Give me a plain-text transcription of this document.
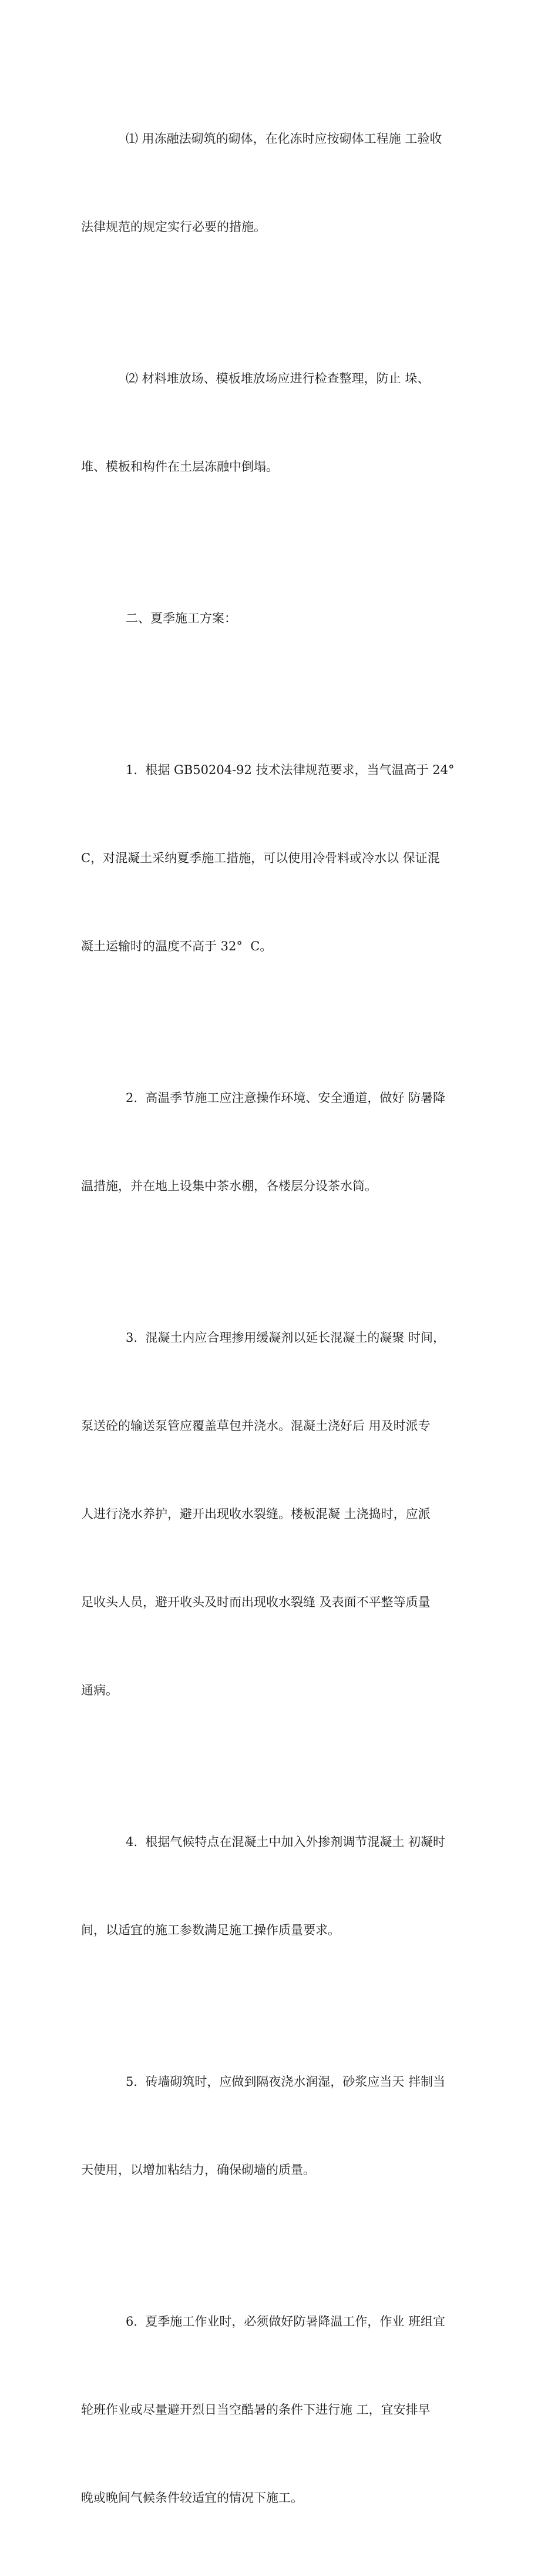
⑴ 用冻融法砌筑的砌体，在化冻时应按砌体工程施 工验收

法律规范的规定实行必要的措施。

⑵ 材料堆放场、模板堆放场应进行检查整理，防止 垛、

堆、模板和构件在土层冻融中倒塌。

二、夏季施工方案：

1.  根据 GB50204-92 技术法律规范要求，当气温高于 24°

C，对混凝土采纳夏季施工措施，可以使用冷骨料或冷水以 保证混

凝土运输时的温度不高于 32°  C。

2.  高温季节施工应注意操作环境、安全通道，做好 防暑降

温措施，并在地上设集中茶水棚，各楼层分设茶水筒。

3.  混凝土内应合理掺用缓凝剂以延长混凝土的凝聚 时间，

泵送砼的输送泵管应覆盖草包并浇水。混凝土浇好后 用及时派专

人进行浇水养护，避开出现收水裂缝。楼板混凝 土浇捣时，应派

足收头人员，避开收头及时而出现收水裂缝 及表面不平整等质量

通病。

4.  根据气候特点在混凝土中加入外掺剂调节混凝土 初凝时

间，以适宜的施工参数满足施工操作质量要求。

5.  砖墙砌筑时，应做到隔夜浇水润湿，砂浆应当天 拌制当

天使用，以增加粘结力，确保砌墙的质量。

6.  夏季施工作业时，必须做好防暑降温工作，作业 班组宜

轮班作业或尽量避开烈日当空酷暑的条件下进行施 工，宜安排早

晚或晚间气候条件较适宜的情况下施工。
